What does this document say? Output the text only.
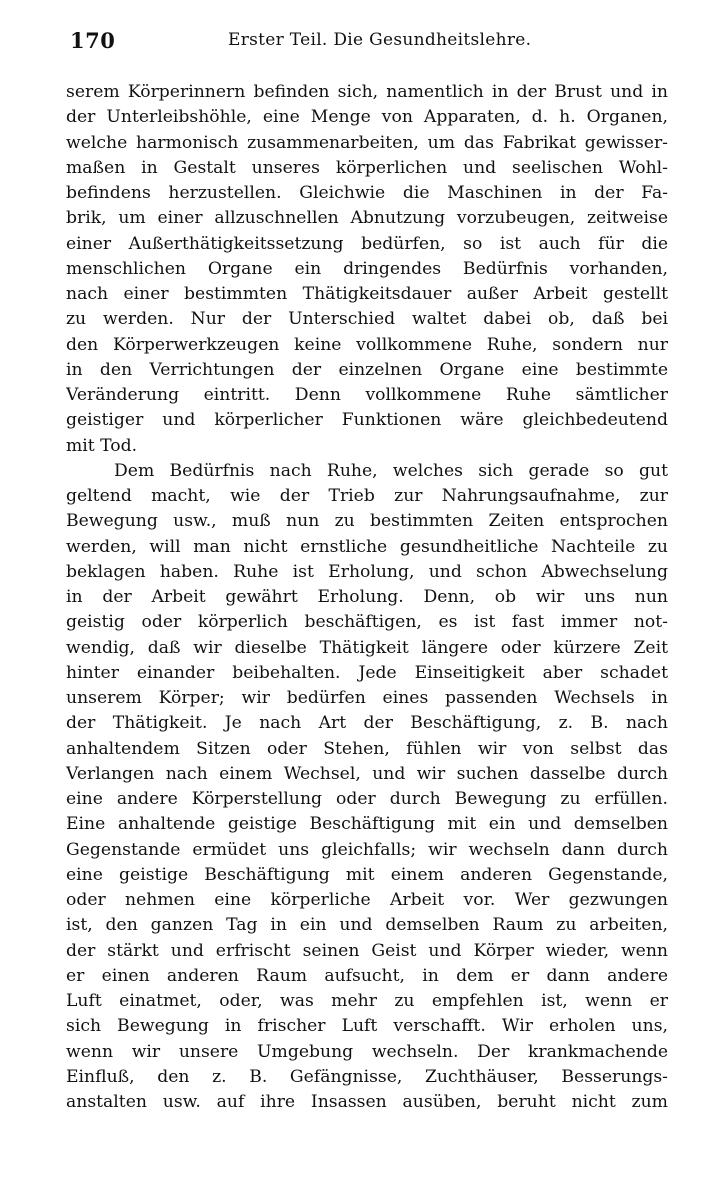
170	Erster Teil. Die Gesundheitslehre.
serem Körperinnern befinden sich, namentlich in der Brust und in
der Unterleibshöhle, eine Menge von Apparaten, d. h. Organen,
welche harmonisch zusammenarbeiten, um das Fabrikat gewisser-
maßen in Gestalt unseres körperlichen und seelischen Wohl-
befindens herzustellen. Gleichwie die Maschinen in der Fa-
brik, um einer allzuschnellen Abnutzung vorzubeugen, zeitweise
einer Außerthätigkeitssetzung bedürfen, so ist auch für die
menschlichen Organe ein dringendes Bedürfnis vorhanden,
nach einer bestimmten Thätigkeitsdauer außer Arbeit gestellt
zu werden. Nur der Unterschied waltet dabei ob, daß bei
den Körperwerkzeugen keine vollkommene Ruhe, sondern nur
in den Verrichtungen der einzelnen Organe eine bestimmte
Veränderung eintritt. Denn vollkommene Ruhe sämtlicher
geistiger und körperlicher Funktionen wäre gleichbedeutend
mit Tod.
Dem Bedürfnis nach Ruhe, welches sich gerade so gut
geltend macht, wie der Trieb zur Nahrungsaufnahme, zur
Bewegung usw., muß nun zu bestimmten Zeiten entsprochen
werden, will man nicht ernstliche gesundheitliche Nachteile zu
beklagen haben. Ruhe ist Erholung, und schon Abwechselung
in der Arbeit gewährt Erholung. Denn, ob wir uns nun
geistig oder körperlich beschäftigen, es ist fast immer not-
wendig, daß wir dieselbe Thätigkeit längere oder kürzere Zeit
hinter einander beibehalten. Jede Einseitigkeit aber schadet
unserem Körper; wir bedürfen eines passenden Wechsels in
der Thätigkeit. Je nach Art der Beschäftigung, z. B. nach
anhaltendem Sitzen oder Stehen, fühlen wir von selbst das
Verlangen nach einem Wechsel, und wir suchen dasselbe durch
eine andere Körperstellung oder durch Bewegung zu erfüllen.
Eine anhaltende geistige Beschäftigung mit ein und demselben
Gegenstande ermüdet uns gleichfalls; wir wechseln dann durch
eine geistige Beschäftigung mit einem anderen Gegenstande,
oder nehmen eine körperliche Arbeit vor. Wer gezwungen
ist, den ganzen Tag in ein und demselben Raum zu arbeiten,
der stärkt und erfrischt seinen Geist und Körper wieder, wenn
er einen anderen Raum aufsucht, in dem er dann andere
Luft einatmet, oder, was mehr zu empfehlen ist, wenn er
sich Bewegung in frischer Luft verschafft. Wir erholen uns,
wenn wir unsere Umgebung wechseln. Der krankmachende
Einfluß, den z. B. Gefängnisse, Zuchthäuser, Besserungs-
anstalten usw. auf ihre Insassen ausüben, beruht nicht zum
